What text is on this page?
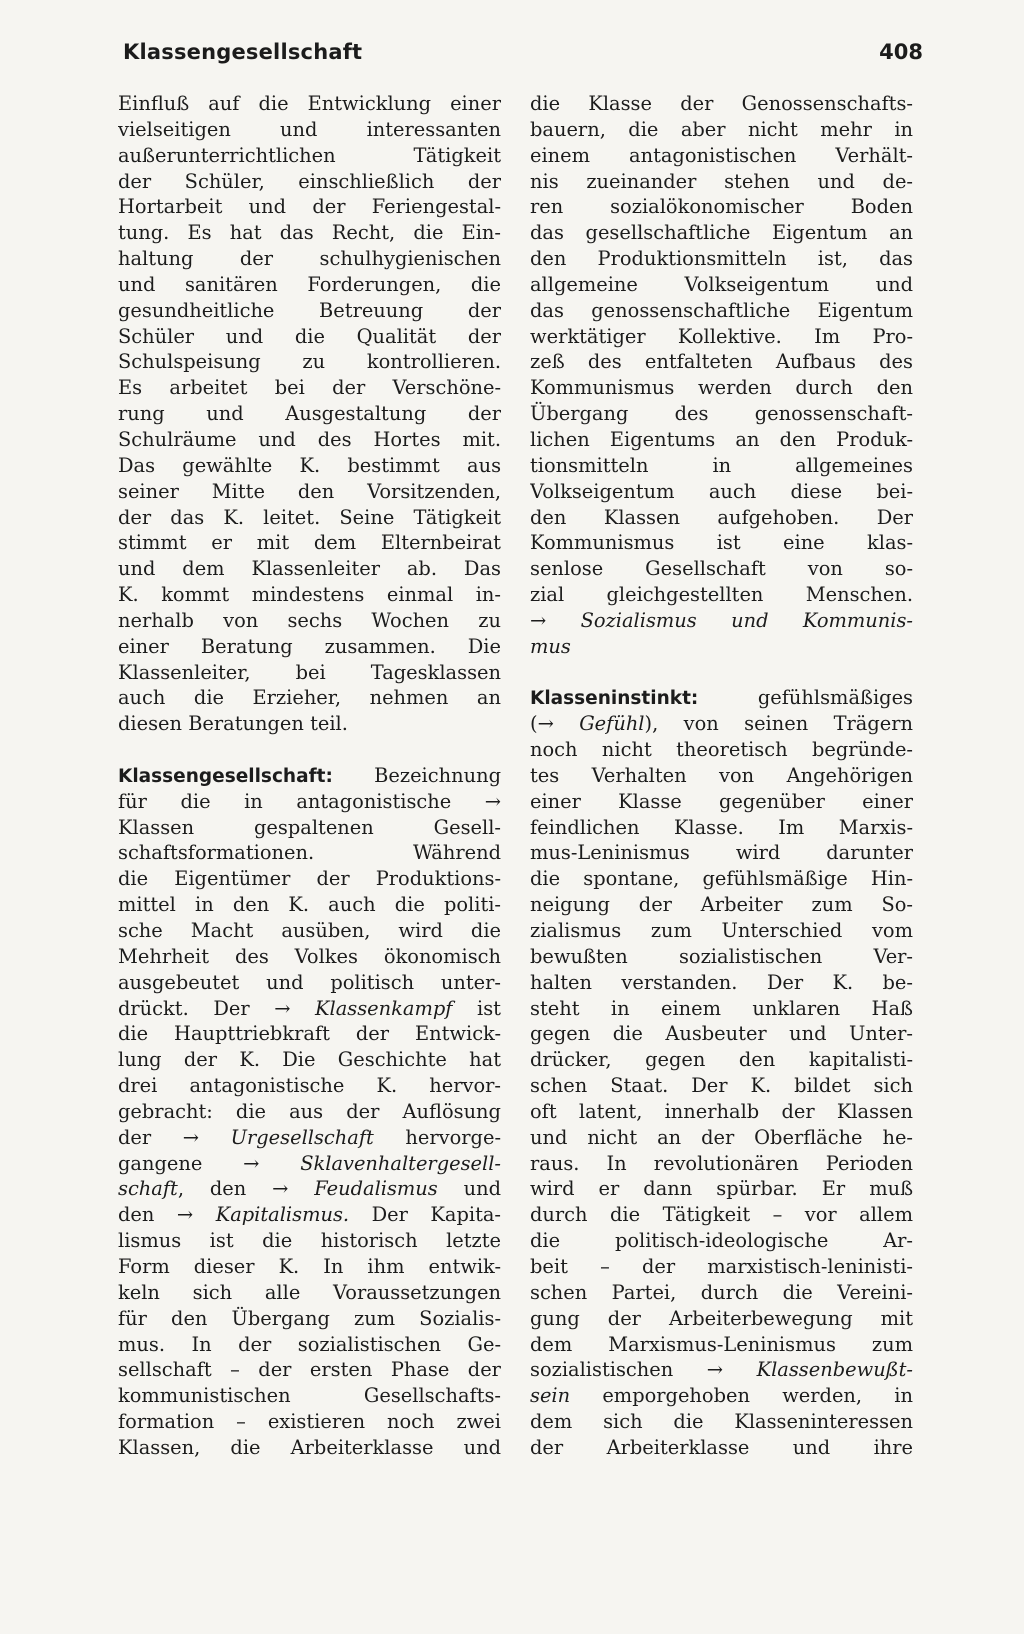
Klassengesellschaft	408
Einfluß auf die Entwicklung einer
vielseitigen	und	interessanten
außerunterrichtlichen	Tätigkeit
der Schüler, einschließlich der
Hortarbeit und der Feriengestal-
tung. Es hat das Recht, die Ein-
haltung der schulhygienischen
und sanitären Forderungen, die
gesundheitliche Betreuung der
Schüler und die Qualität der
Schulspeisung zu kontrollieren.
Es arbeitet bei der Verschöne-
rung und Ausgestaltung der
Schulräume und des Hortes mit.
Das gewählte K. bestimmt aus
seiner Mitte den Vorsitzenden,
der das K. leitet. Seine Tätigkeit
stimmt er mit dem Elternbeirat
und dem Klassenleiter ab. Das
K. kommt mindestens einmal in-
nerhalb von sechs Wochen zu
einer Beratung zusammen. Die
Klassenleiter, bei Tagesklassen
auch die Erzieher, nehmen an
diesen Beratungen teil.
Klassengesellschaft: Bezeichnung
für die in antagonistische →
Klassen	gespaltenen	Gesell-
schaftsformationen.	Während
die Eigentümer der Produktions-
mittel in den K. auch die politi-
sche Macht ausüben, wird die
Mehrheit des Volkes ökonomisch
ausgebeutet und politisch unter-
drückt. Der → Klassenkampf ist
die Haupttriebkraft der Entwick-
lung der K. Die Geschichte hat
drei antagonistische K. hervor-
gebracht: die aus der Auflösung
der → Urgesellschaft hervorge-
gangene → Sklavenhaltergesell-
schaft, den → Feudalismus und
den → Kapitalismus. Der Kapita-
lismus ist die historisch letzte
Form dieser K. In ihm entwik-
keln sich alle Voraussetzungen
für den Übergang zum Sozialis-
mus. In der sozialistischen Ge-
sellschaft – der ersten Phase der
kommunistischen	Gesellschafts-
formation – existieren noch zwei
Klassen, die Arbeiterklasse und
die Klasse der Genossenschafts-
bauern, die aber nicht mehr in
einem antagonistischen Verhält-
nis zueinander stehen und de-
ren sozialökonomischer Boden
das gesellschaftliche Eigentum an
den Produktionsmitteln ist, das
allgemeine Volkseigentum und
das genossenschaftliche Eigentum
werktätiger Kollektive. Im Pro-
zeß des entfalteten Aufbaus des
Kommunismus werden durch den
Übergang des genossenschaft-
lichen Eigentums an den Produk-
tionsmitteln	in	allgemeines
Volkseigentum auch diese bei-
den Klassen aufgehoben. Der
Kommunismus ist eine klas-
senlose Gesellschaft von so-
zial gleichgestellten Menschen.
→ Sozialismus und Kommunis-
mus
Klasseninstinkt:	gefühlsmäßiges
(→ Gefühl), von seinen Trägern
noch nicht theoretisch begründe-
tes Verhalten von Angehörigen
einer Klasse gegenüber einer
feindlichen Klasse. Im Marxis-
mus-Leninismus wird darunter
die spontane, gefühlsmäßige Hin-
neigung der Arbeiter zum So-
zialismus zum Unterschied vom
bewußten	sozialistischen	Ver-
halten verstanden. Der K. be-
steht in einem unklaren Haß
gegen die Ausbeuter und Unter-
drücker, gegen den kapitalisti-
schen Staat. Der K. bildet sich
oft latent, innerhalb der Klassen
und nicht an der Oberfläche he-
raus. In revolutionären Perioden
wird er dann spürbar. Er muß
durch die Tätigkeit – vor allem
die	politisch-ideologische	Ar-
beit – der marxistisch-leninisti-
schen Partei, durch die Vereini-
gung der Arbeiterbewegung mit
dem Marxismus-Leninismus zum
sozialistischen → Klassenbewußt-
sein emporgehoben werden, in
dem sich die Klasseninteressen
der Arbeiterklasse und ihre
